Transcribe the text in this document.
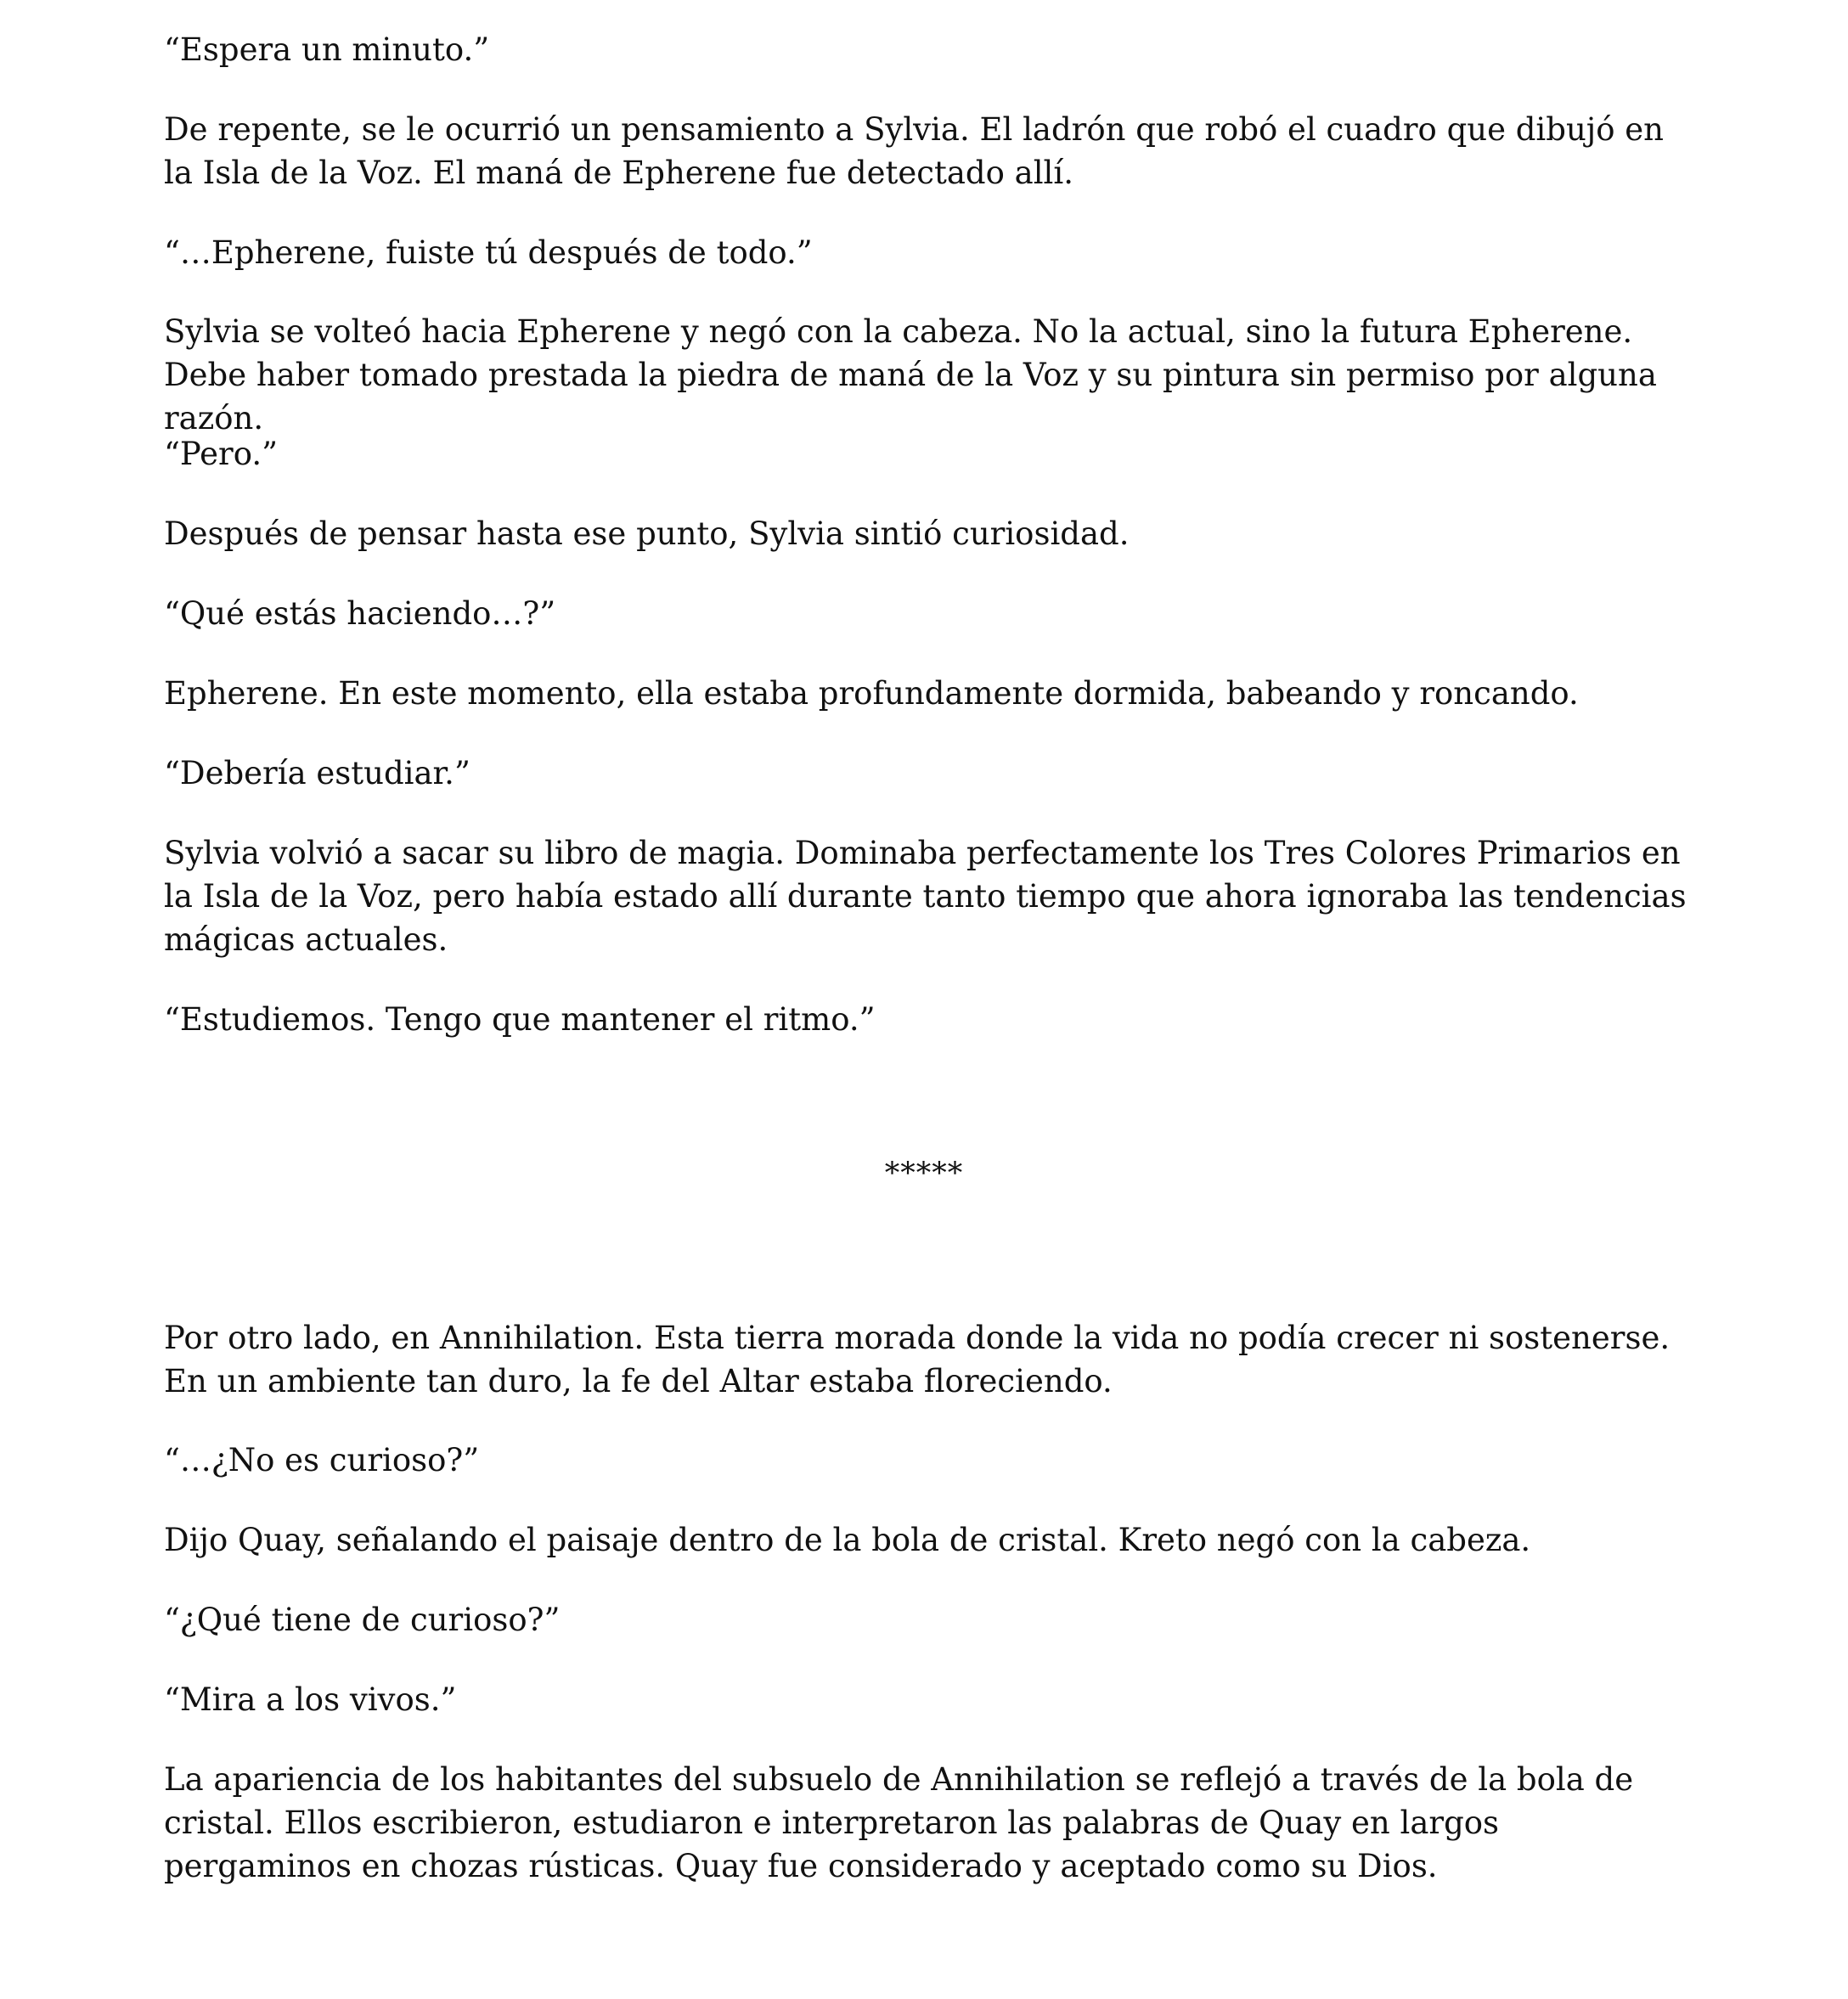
“Espera un minuto.”

De repente, se le ocurrió un pensamiento a Sylvia. El ladrón que robó el cuadro que dibujó en la Isla de la Voz. El maná de Epherene fue detectado allí.

“…Epherene, fuiste tú después de todo.”

Sylvia se volteó hacia Epherene y negó con la cabeza. No la actual, sino la futura Epherene. Debe haber tomado prestada la piedra de maná de la Voz y su pintura sin permiso por alguna razón.

“Pero.”

Después de pensar hasta ese punto, Sylvia sintió curiosidad.

“Qué estás haciendo…?”

Epherene. En este momento, ella estaba profundamente dormida, babeando y roncando.

“Debería estudiar.”

Sylvia volvió a sacar su libro de magia. Dominaba perfectamente los Tres Colores Primarios en la Isla de la Voz, pero había estado allí durante tanto tiempo que ahora ignoraba las tendencias mágicas actuales.

“Estudiemos. Tengo que mantener el ritmo.”

*****

Por otro lado, en Annihilation. Esta tierra morada donde la vida no podía crecer ni sostenerse. En un ambiente tan duro, la fe del Altar estaba floreciendo.

“…¿No es curioso?”

Dijo Quay, señalando el paisaje dentro de la bola de cristal. Kreto negó con la cabeza.

“¿Qué tiene de curioso?”

“Mira a los vivos.”

La apariencia de los habitantes del subsuelo de Annihilation se reflejó a través de la bola de cristal. Ellos escribieron, estudiaron e interpretaron las palabras de Quay en largos pergaminos en chozas rústicas. Quay fue considerado y aceptado como su Dios.
